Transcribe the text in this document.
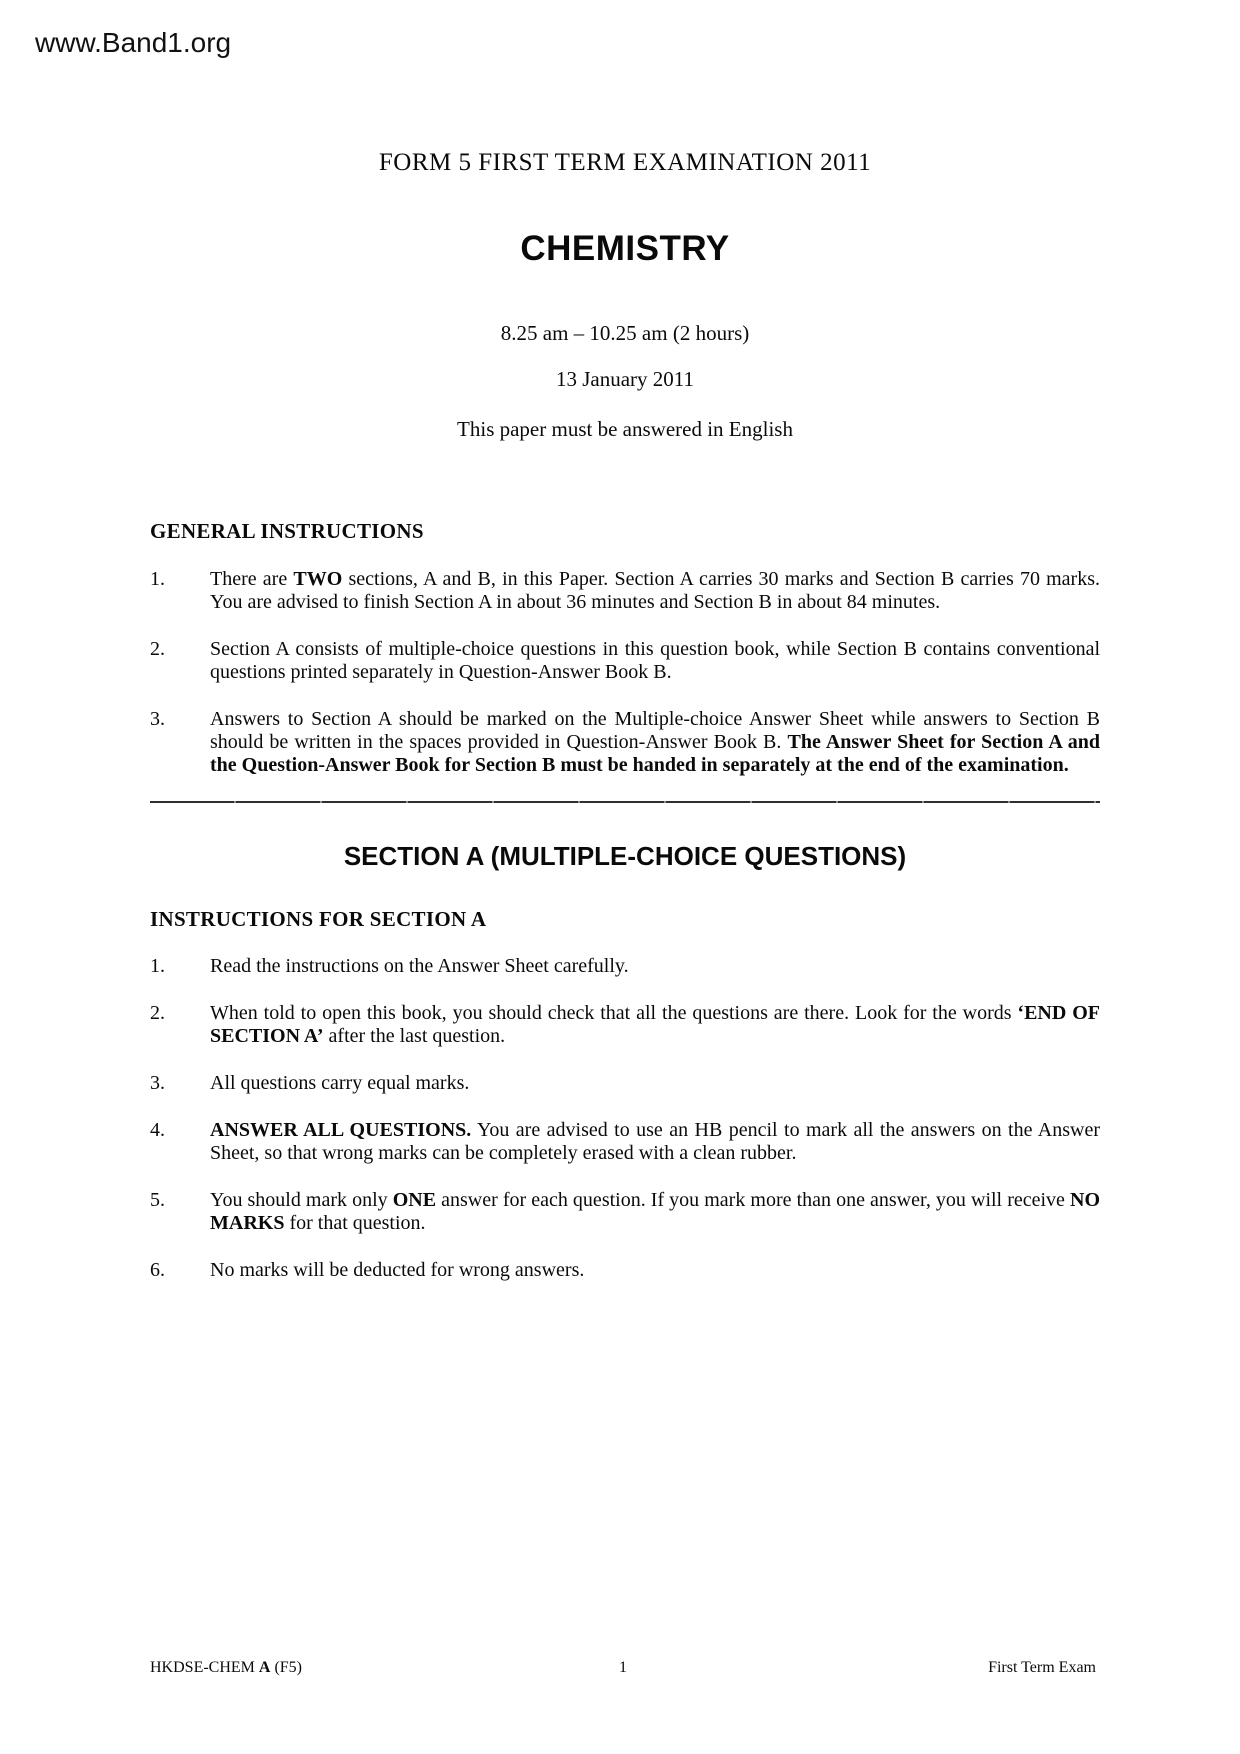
www.Band1.org
FORM 5 FIRST TERM EXAMINATION 2011
CHEMISTRY
8.25 am – 10.25 am (2 hours)
13 January 2011
This paper must be answered in English
GENERAL INSTRUCTIONS
1.	There are TWO sections, A and B, in this Paper. Section A carries 30 marks and Section B carries 70 marks. You are advised to finish Section A in about 36 minutes and Section B in about 84 minutes.
2.	Section A consists of multiple-choice questions in this question book, while Section B contains conventional questions printed separately in Question-Answer Book B.
3.	Answers to Section A should be marked on the Multiple-choice Answer Sheet while answers to Section B should be written in the spaces provided in Question-Answer Book B. The Answer Sheet for Section A and the Question-Answer Book for Section B must be handed in separately at the end of the examination.
SECTION A (MULTIPLE-CHOICE QUESTIONS)
INSTRUCTIONS FOR SECTION A
1.	Read the instructions on the Answer Sheet carefully.
2.	When told to open this book, you should check that all the questions are there. Look for the words ‘END OF SECTION A’ after the last question.
3.	All questions carry equal marks.
4.	ANSWER ALL QUESTIONS. You are advised to use an HB pencil to mark all the answers on the Answer Sheet, so that wrong marks can be completely erased with a clean rubber.
5.	You should mark only ONE answer for each question. If you mark more than one answer, you will receive NO MARKS for that question.
6.	No marks will be deducted for wrong answers.
HKDSE-CHEM A (F5)	1	First Term Exam
